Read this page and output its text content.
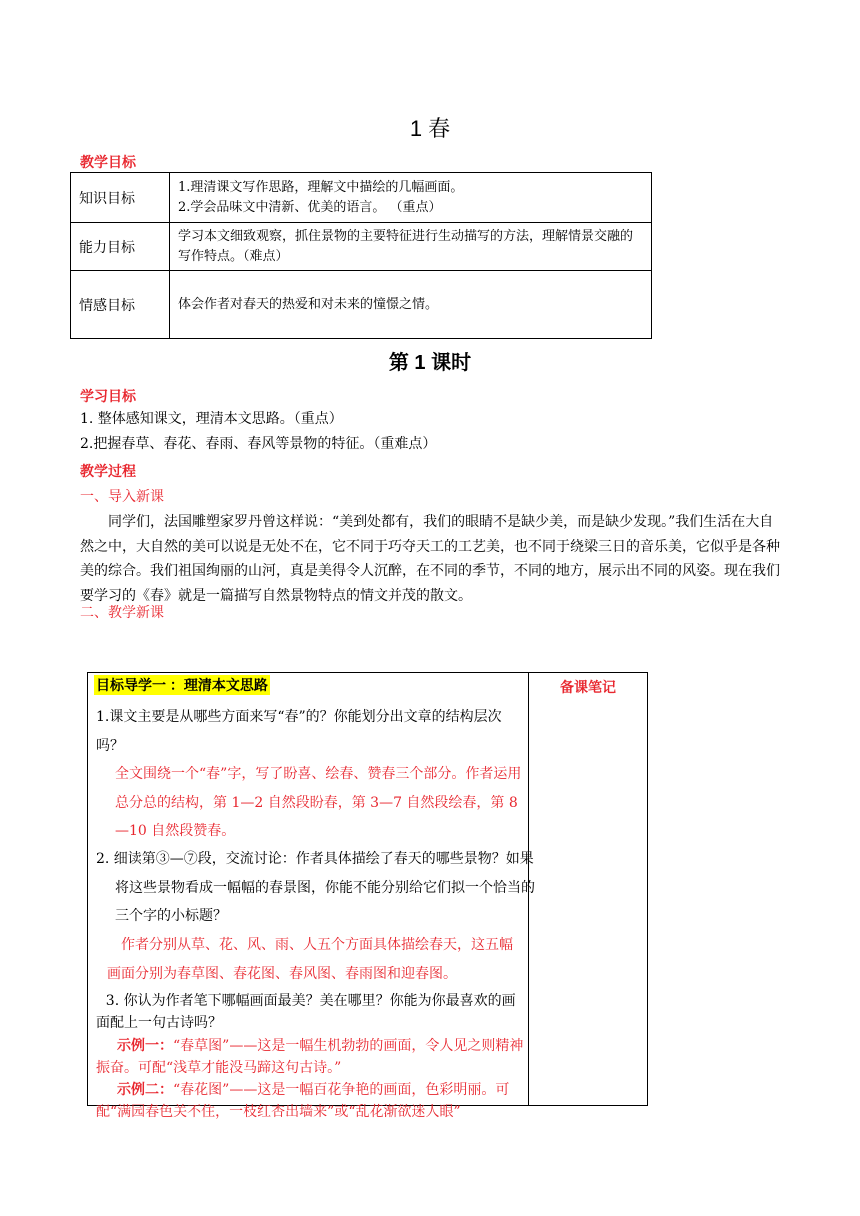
1 春
教学目标
知识目标	1.理清课文写作思路，理解文中描绘的几幅画面。
2.学会品味文中清新、优美的语言。 （重点）

能力目标	学习本文细致观察，抓住景物的主要特征进行生动描写的方法，理解情景交融的写作特点。（难点）

情感目标	体会作者对春天的热爱和对未来的憧憬之情。
第 1 课时
学习目标
1. 整体感知课文，理清本文思路。（重点）
2.把握春草、春花、春雨、春风等景物的特征。（重难点）
教学过程
一、导入新课
同学们，法国雕塑家罗丹曾这样说：“美到处都有，我们的眼睛不是缺少美，而是缺少发现。”我们生活在大自然之中，大自然的美可以说是无处不在，它不同于巧夺天工的工艺美，也不同于绕梁三日的音乐美，它似乎是各种美的综合。我们祖国绚丽的山河，真是美得令人沉醉，在不同的季节，不同的地方，展示出不同的风姿。现在我们要学习的《春》就是一篇描写自然景物特点的情文并茂的散文。
二、教学新课
目标导学一 ：理清本文思路
1.课文主要是从哪些方面来写“春”的？你能划分出文章的结构层次吗？
全文围绕一个“春”字，写了盼喜、绘春、赞春三个部分。作者运用总分总的结构，第 1—2 自然段盼春，第 3—7 自然段绘春，第 8—10 自然段赞春。
2. 细读第③—⑦段，交流讨论：作者具体描绘了春天的哪些景物？如果将这些景物看成一幅幅的春景图，你能不能分别给它们拟一个恰当的三个字的小标题？
作者分别从草、花、风、雨、人五个方面具体描绘春天，这五幅画面分别为春草图、春花图、春风图、春雨图和迎春图。
3. 你认为作者笔下哪幅画面最美？美在哪里？你能为你最喜欢的画面配上一句古诗吗？
示例一：“春草图”——这是一幅生机勃勃的画面，令人见之则精神振奋。可配“浅草才能没马蹄这句古诗。”
示例二：“春花图”——这是一幅百花争艳的画面，色彩明丽。可配“满园春色关不住，一枝红杏出墙来”或“乱花渐欲迷人眼”

备课笔记
